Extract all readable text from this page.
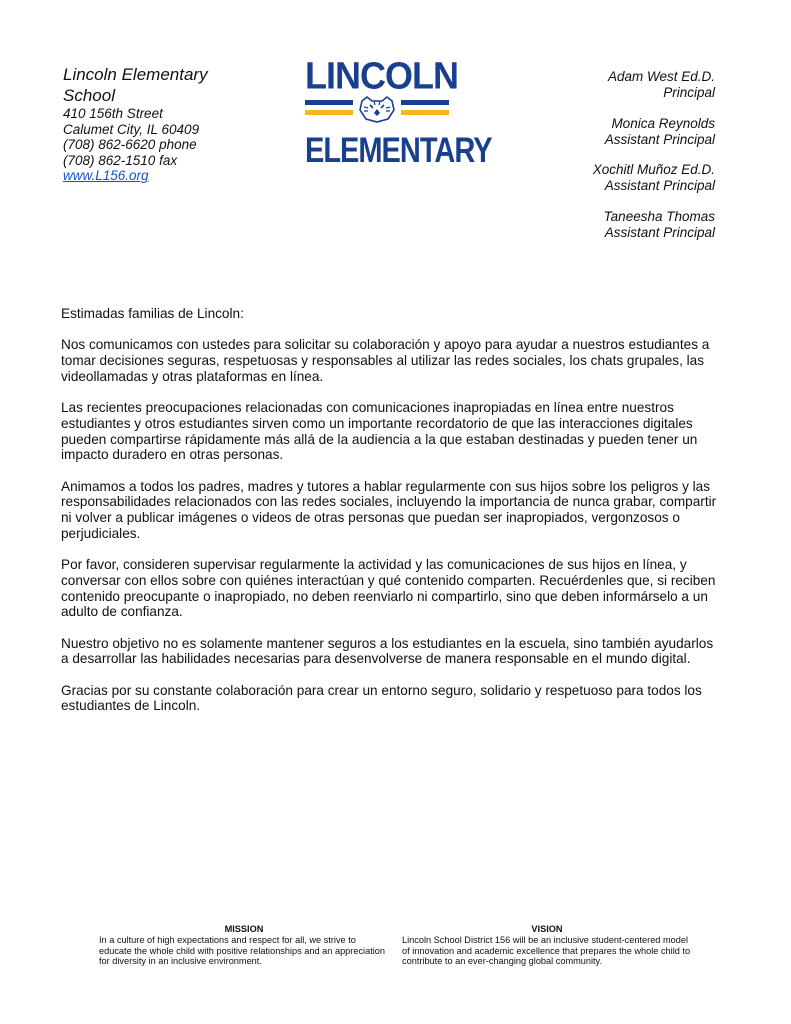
Lincoln Elementary School
410 156th Street
Calumet City, IL 60409
(708) 862-6620 phone
(708) 862-1510 fax
www.L156.org
LINCOLN
ELEMENTARY
Adam West Ed.D.
Principal
Monica Reynolds
Assistant Principal
Xochitl Muñoz Ed.D.
Assistant Principal
Taneesha Thomas
Assistant Principal

Estimadas familias de Lincoln:

Nos comunicamos con ustedes para solicitar su colaboración y apoyo para ayudar a nuestros estudiantes a tomar decisiones seguras, respetuosas y responsables al utilizar las redes sociales, los chats grupales, las videollamadas y otras plataformas en línea.

Las recientes preocupaciones relacionadas con comunicaciones inapropiadas en línea entre nuestros estudiantes y otros estudiantes sirven como un importante recordatorio de que las interacciones digitales pueden compartirse rápidamente más allá de la audiencia a la que estaban destinadas y pueden tener un impacto duradero en otras personas.

Animamos a todos los padres, madres y tutores a hablar regularmente con sus hijos sobre los peligros y las responsabilidades relacionados con las redes sociales, incluyendo la importancia de nunca grabar, compartir ni volver a publicar imágenes o videos de otras personas que puedan ser inapropiados, vergonzosos o perjudiciales.

Por favor, consideren supervisar regularmente la actividad y las comunicaciones de sus hijos en línea, y conversar con ellos sobre con quiénes interactúan y qué contenido comparten. Recuérdenles que, si reciben contenido preocupante o inapropiado, no deben reenviarlo ni compartirlo, sino que deben informárselo a un adulto de confianza.

Nuestro objetivo no es solamente mantener seguros a los estudiantes en la escuela, sino también ayudarlos a desarrollar las habilidades necesarias para desenvolverse de manera responsable en el mundo digital.

Gracias por su constante colaboración para crear un entorno seguro, solidario y respetuoso para todos los estudiantes de Lincoln.

MISSION
In a culture of high expectations and respect for all, we strive to educate the whole child with positive relationships and an appreciation for diversity in an inclusive environment.
VISION
Lincoln School District 156 will be an inclusive student-centered model of innovation and academic excellence that prepares the whole child to contribute to an ever-changing global community.
